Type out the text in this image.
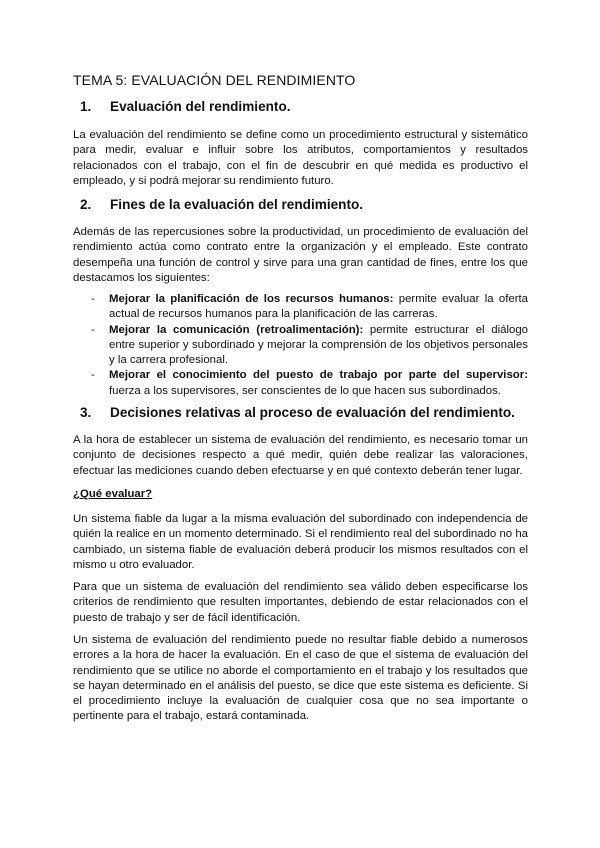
TEMA 5: EVALUACIÓN DEL RENDIMIENTO
1.	Evaluación del rendimiento.

La evaluación del rendimiento se define como un procedimiento estructural y sistemático para medir, evaluar e influir sobre los atributos, comportamientos y resultados relacionados con el trabajo, con el fin de descubrir en qué medida es productivo el empleado, y si podrá mejorar su rendimiento futuro.

2.	Fines de la evaluación del rendimiento.

Además de las repercusiones sobre la productividad, un procedimiento de evaluación del rendimiento actúa como contrato entre la organización y el empleado. Este contrato desempeña una función de control y sirve para una gran cantidad de fines, entre los que destacamos los siguientes:

-	Mejorar la planificación de los recursos humanos: permite evaluar la oferta actual de recursos humanos para la planificación de las carreras.
-	Mejorar la comunicación (retroalimentación): permite estructurar el diálogo entre superior y subordinado y mejorar la comprensión de los objetivos personales y la carrera profesional.
-	Mejorar el conocimiento del puesto de trabajo por parte del supervisor: fuerza a los supervisores, ser conscientes de lo que hacen sus subordinados.
3.	Decisiones relativas al proceso de evaluación del rendimiento.

A la hora de establecer un sistema de evaluación del rendimiento, es necesario tomar un conjunto de decisiones respecto a qué medir, quién debe realizar las valoraciones, efectuar las mediciones cuando deben efectuarse y en qué contexto deberán tener lugar.

¿Qué evaluar?

Un sistema fiable da lugar a la misma evaluación del subordinado con independencia de quién la realice en un momento determinado. Si el rendimiento real del subordinado no ha cambiado, un sistema fiable de evaluación deberá producir los mismos resultados con el mismo u otro evaluador.

Para que un sistema de evaluación del rendimiento sea válido deben especificarse los criterios de rendimiento que resulten importantes, debiendo de estar relacionados con el puesto de trabajo y ser de fácil identificación.

Un sistema de evaluación del rendimiento puede no resultar fiable debido a numerosos errores a la hora de hacer la evaluación. En el caso de que el sistema de evaluación del rendimiento que se utilice no aborde el comportamiento en el trabajo y los resultados que se hayan determinado en el análisis del puesto, se dice que este sistema es deficiente. Si el procedimiento incluye la evaluación de cualquier cosa que no sea importante o pertinente para el trabajo, estará contaminada.
